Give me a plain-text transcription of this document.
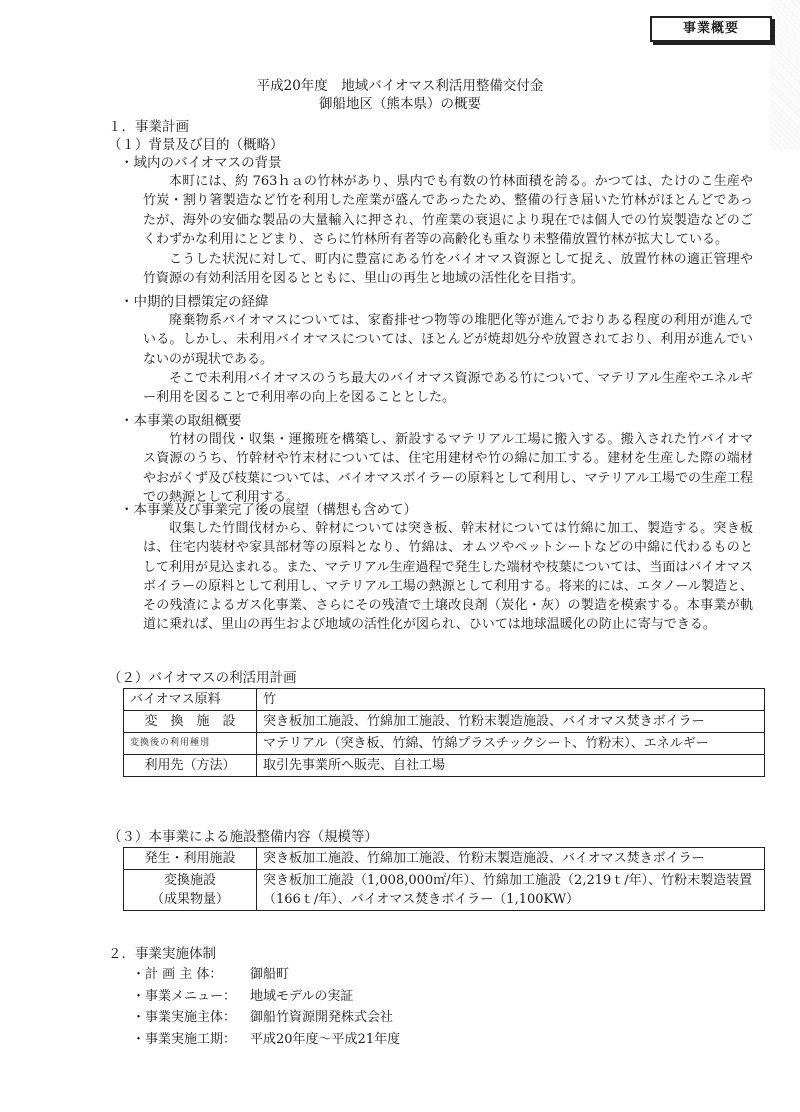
事業概要
平成20年度　地域バイオマス利活用整備交付金
御船地区（熊本県）の概要
１．事業計画
（１）背景及び目的（概略）
・域内のバイオマスの背景
本町には、約 763ｈａの竹林があり、県内でも有数の竹林面積を誇る。かつては、たけのこ生産や竹炭・割り箸製造など竹を利用した産業が盛んであったため、整備の行き届いた竹林がほとんどであったが、海外の安価な製品の大量輸入に押され、竹産業の衰退により現在では個人での竹炭製造などのごくわずかな利用にとどまり、さらに竹林所有者等の高齢化も重なり未整備放置竹林が拡大している。
こうした状況に対して、町内に豊富にある竹をバイオマス資源として捉え、放置竹林の適正管理や竹資源の有効利活用を図るとともに、里山の再生と地域の活性化を目指す。
・中期的目標策定の経緯
廃棄物系バイオマスについては、家畜排せつ物等の堆肥化等が進んでおりある程度の利用が進んでいる。しかし、未利用バイオマスについては、ほとんどが焼却処分や放置されており、利用が進んでいないのが現状である。
そこで未利用バイオマスのうち最大のバイオマス資源である竹について、マテリアル生産やエネルギー利用を図ることで利用率の向上を図ることとした。
・本事業の取組概要
竹材の間伐・収集・運搬班を構築し、新設するマテリアル工場に搬入する。搬入された竹バイオマス資源のうち、竹幹材や竹末材については、住宅用建材や竹の綿に加工する。建材を生産した際の端材やおがくず及び枝葉については、バイオマスボイラーの原料として利用し、マテリアル工場での生産工程での熱源として利用する。
・本事業及び事業完了後の展望（構想も含めて）
収集した竹間伐材から、幹材については突き板、幹末材については竹綿に加工、製造する。突き板は、住宅内装材や家具部材等の原料となり、竹綿は、オムツやペットシートなどの中綿に代わるものとして利用が見込まれる。また、マテリアル生産過程で発生した端材や枝葉については、当面はバイオマスボイラーの原料として利用し、マテリアル工場の熱源として利用する。将来的には、エタノール製造と、その残渣によるガス化事業、さらにその残渣で土壌改良剤（炭化・灰）の製造を模索する。本事業が軌道に乗れば、里山の再生および地域の活性化が図られ、ひいては地球温暖化の防止に寄与できる。
（２）バイオマスの利活用計画
バイオマス原料	竹
変　換　施　設	突き板加工施設、竹綿加工施設、竹粉末製造施設、バイオマス焚きボイラー
変換後の利用種別	マテリアル（突き板、竹綿、竹綿プラスチックシート、竹粉末）、エネルギー
利用先（方法）	取引先事業所へ販売、自社工場
（３）本事業による施設整備内容（規模等）
発生・利用施設	突き板加工施設、竹綿加工施設、竹粉末製造施設、バイオマス焚きボイラー

変換施設
（成果物量）	突き板加工施設（1,008,000㎡/年）、竹綿加工施設（2,219ｔ/年）、竹粉末製造装置（166ｔ/年）、バイオマス焚きボイラー（1,100KW）
２．事業実施体制
・計 画 主 体： 御船町
・事業メニュー： 地域モデルの実証
・事業実施主体： 御船竹資源開発株式会社
・事業実施工期： 平成20年度～平成21年度
